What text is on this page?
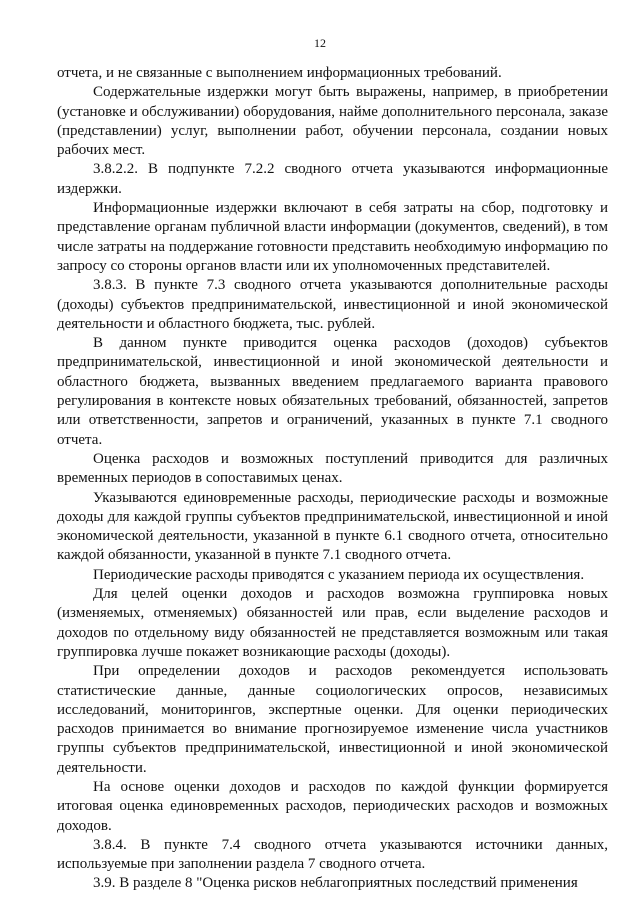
12

отчета, и не связанные с выполнением информационных требований.

Содержательные издержки могут быть выражены, например, в приобретении (установке и обслуживании) оборудования, найме дополнительного персонала, заказе (представлении) услуг, выполнении работ, обучении персонала, создании новых рабочих мест.

3.8.2.2. В подпункте 7.2.2 сводного отчета указываются информационные издержки.

Информационные издержки включают в себя затраты на сбор, подготовку и представление органам публичной власти информации (документов, сведений), в том числе затраты на поддержание готовности представить необходимую информацию по запросу со стороны органов власти или их уполномоченных представителей.

3.8.3. В пункте 7.3 сводного отчета указываются дополнительные расходы (доходы) субъектов предпринимательской, инвестиционной и иной экономической деятельности и областного бюджета, тыс. рублей.

В данном пункте приводится оценка расходов (доходов) субъектов предпринимательской, инвестиционной и иной экономической деятельности и областного бюджета, вызванных введением предлагаемого варианта правового регулирования в контексте новых обязательных требований, обязанностей, запретов или ответственности, запретов и ограничений, указанных в пункте 7.1 сводного отчета.

Оценка расходов и возможных поступлений приводится для различных временных периодов в сопоставимых ценах.

Указываются единовременные расходы, периодические расходы и возможные доходы для каждой группы субъектов предпринимательской, инвестиционной и иной экономической деятельности, указанной в пункте 6.1 сводного отчета, относительно каждой обязанности, указанной в пункте 7.1 сводного отчета.

Периодические расходы приводятся с указанием периода их осуществления.

Для целей оценки доходов и расходов возможна группировка новых (изменяемых, отменяемых) обязанностей или прав, если выделение расходов и доходов по отдельному виду обязанностей не представляется возможным или такая группировка лучше покажет возникающие расходы (доходы).

При определении доходов и расходов рекомендуется использовать статистические данные, данные социологических опросов, независимых исследований, мониторингов, экспертные оценки. Для оценки периодических расходов принимается во внимание прогнозируемое изменение числа участников группы субъектов предпринимательской, инвестиционной и иной экономической деятельности.

На основе оценки доходов и расходов по каждой функции формируется итоговая оценка единовременных расходов, периодических расходов и возможных доходов.

3.8.4. В пункте 7.4 сводного отчета указываются источники данных, используемые при заполнении раздела 7 сводного отчета.

3.9. В разделе 8 "Оценка рисков неблагоприятных последствий применения
